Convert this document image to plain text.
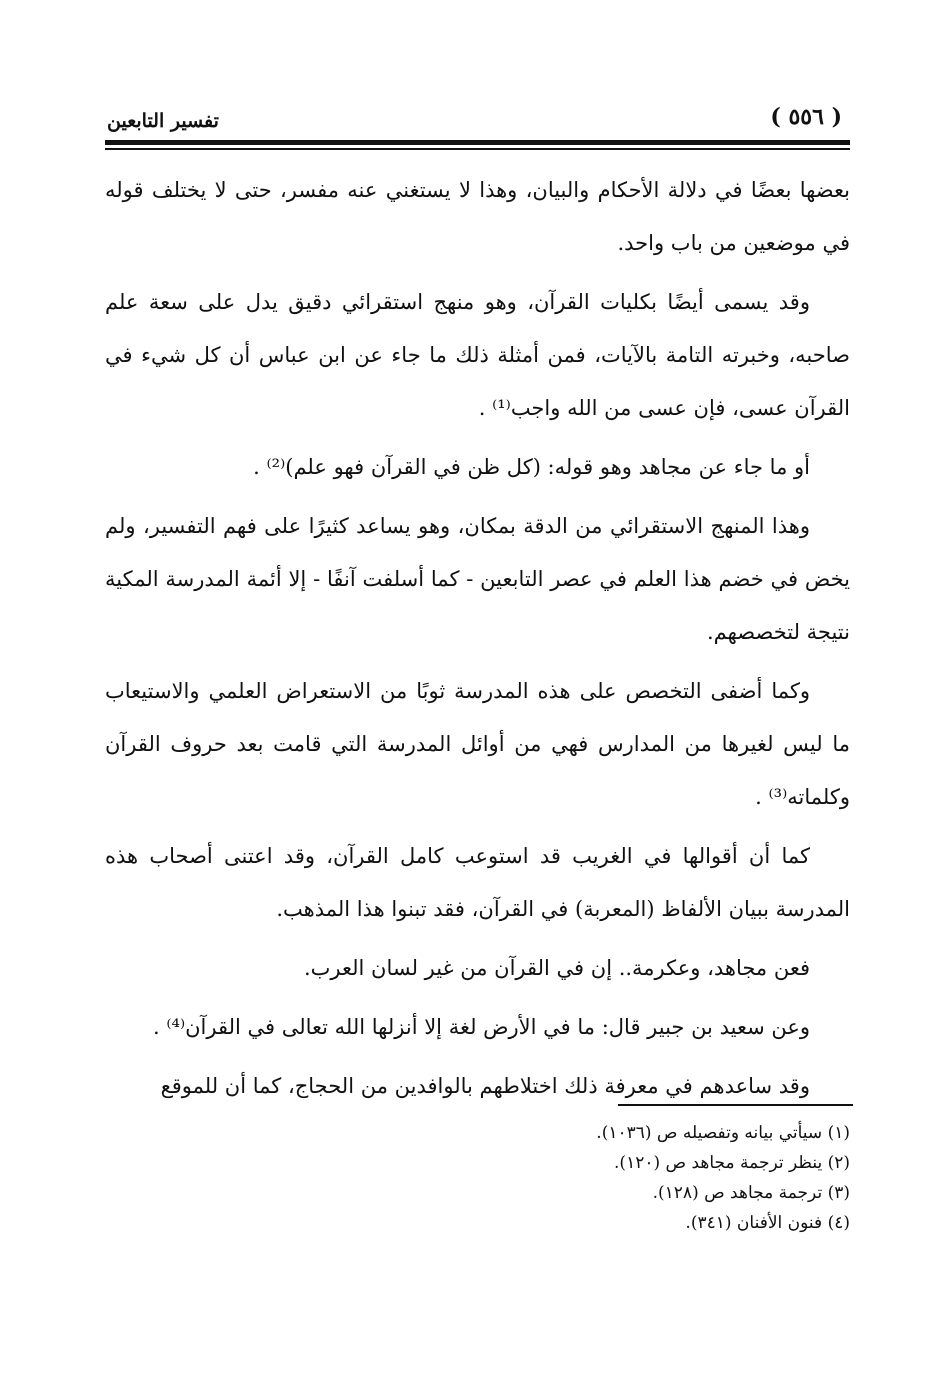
( ٥٥٦ )
تفسير التابعين

بعضها بعضًا في دلالة الأحكام والبيان، وهذا لا يستغني عنه مفسر، حتى لا يختلف قوله في موضعين من باب واحد.

وقد يسمى أيضًا بكليات القرآن، وهو منهج استقرائي دقيق يدل على سعة علم صاحبه، وخبرته التامة بالآيات، فمن أمثلة ذلك ما جاء عن ابن عباس أن كل شيء في القرآن عسى، فإن عسى من الله واجب⁽¹⁾ .

أو ما جاء عن مجاهد وهو قوله: (كل ظن في القرآن فهو علم)⁽²⁾ .

وهذا المنهج الاستقرائي من الدقة بمكان، وهو يساعد كثيرًا على فهم التفسير، ولم يخض في خضم هذا العلم في عصر التابعين - كما أسلفت آنفًا - إلا أئمة المدرسة المكية نتيجة لتخصصهم.

وكما أضفى التخصص على هذه المدرسة ثوبًا من الاستعراض العلمي والاستيعاب ما ليس لغيرها من المدارس فهي من أوائل المدرسة التي قامت بعد حروف القرآن وكلماته⁽³⁾ .

كما أن أقوالها في الغريب قد استوعب كامل القرآن، وقد اعتنى أصحاب هذه المدرسة ببيان الألفاظ (المعربة) في القرآن، فقد تبنوا هذا المذهب.

فعن مجاهد، وعكرمة.. إن في القرآن من غير لسان العرب.

وعن سعيد بن جبير قال: ما في الأرض لغة إلا أنزلها الله تعالى في القرآن⁽⁴⁾ .

وقد ساعدهم في معرفة ذلك اختلاطهم بالوافدين من الحجاج، كما أن للموقع

(١) سيأتي بيانه وتفصيله ص (١٠٣٦).

(٢) ينظر ترجمة مجاهد ص (١٢٠).

(٣) ترجمة مجاهد ص (١٢٨).

(٤) فنون الأفنان (٣٤١).
